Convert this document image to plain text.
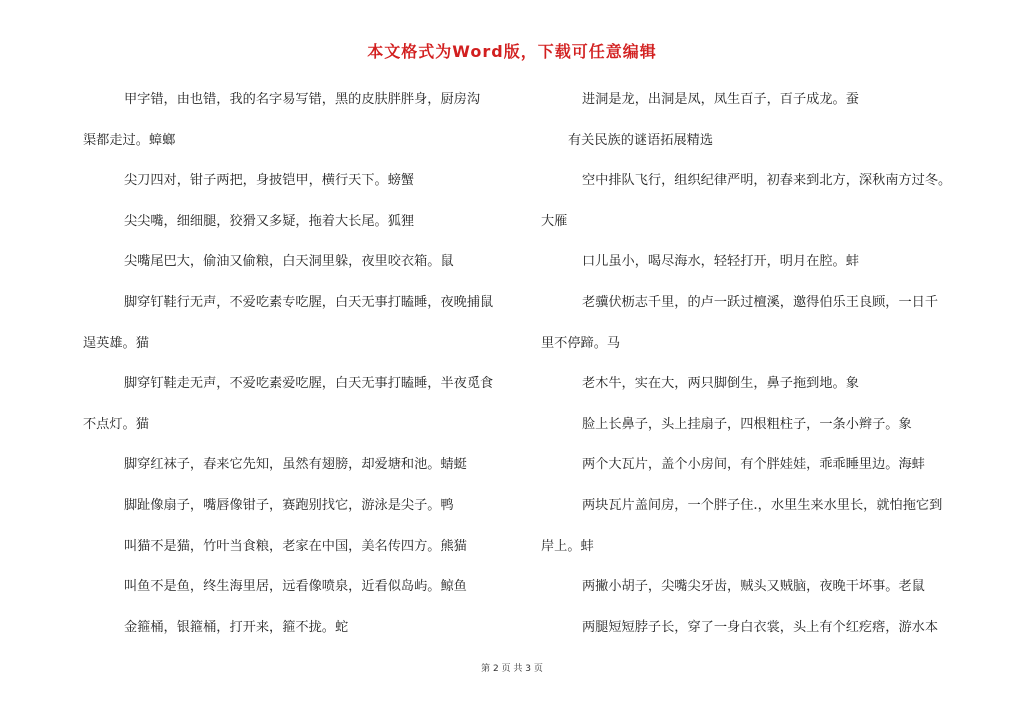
本文格式为Word版，下载可任意编辑
甲字错，由也错，我的名字易写错，黑的皮肤胖胖身，厨房沟
渠都走过。蟑螂
尖刀四对，钳子两把，身披铠甲，横行天下。螃蟹
尖尖嘴，细细腿，狡猾又多疑，拖着大长尾。狐狸
尖嘴尾巴大，偷油又偷粮，白天洞里躲，夜里咬衣箱。鼠
脚穿钉鞋行无声，不爱吃素专吃腥，白天无事打瞌睡，夜晚捕鼠
逞英雄。猫
脚穿钉鞋走无声，不爱吃素爱吃腥，白天无事打瞌睡，半夜觅食
不点灯。猫
脚穿红袜子，春来它先知，虽然有翅膀，却爱塘和池。蜻蜓
脚趾像扇子，嘴唇像钳子，赛跑别找它，游泳是尖子。鸭
叫猫不是猫，竹叶当食粮，老家在中国，美名传四方。熊猫
叫鱼不是鱼，终生海里居，远看像喷泉，近看似岛屿。鲸鱼
金箍桶，银箍桶，打开来，箍不拢。蛇
进洞是龙，出洞是凤，凤生百子，百子成龙。蚕
有关民族的谜语拓展精选
空中排队飞行，组织纪律严明，初春来到北方，深秋南方过冬。
大雁
口儿虽小，喝尽海水，轻轻打开，明月在腔。蚌
老骥伏枥志千里，的卢一跃过檀溪，邀得伯乐王良顾，一日千
里不停蹄。马
老木牛，实在大，两只脚倒生，鼻子拖到地。象
脸上长鼻子，头上挂扇子，四根粗柱子，一条小辫子。象
两个大瓦片，盖个小房间，有个胖娃娃，乖乖睡里边。海蚌
两块瓦片盖间房，一个胖子住.，水里生来水里长，就怕拖它到
岸上。蚌
两撇小胡子，尖嘴尖牙齿，贼头又贼脑，夜晚干坏事。老鼠
两腿短短脖子长，穿了一身白衣裳，头上有个红疙瘩，游水本
第 2 页 共 3 页
